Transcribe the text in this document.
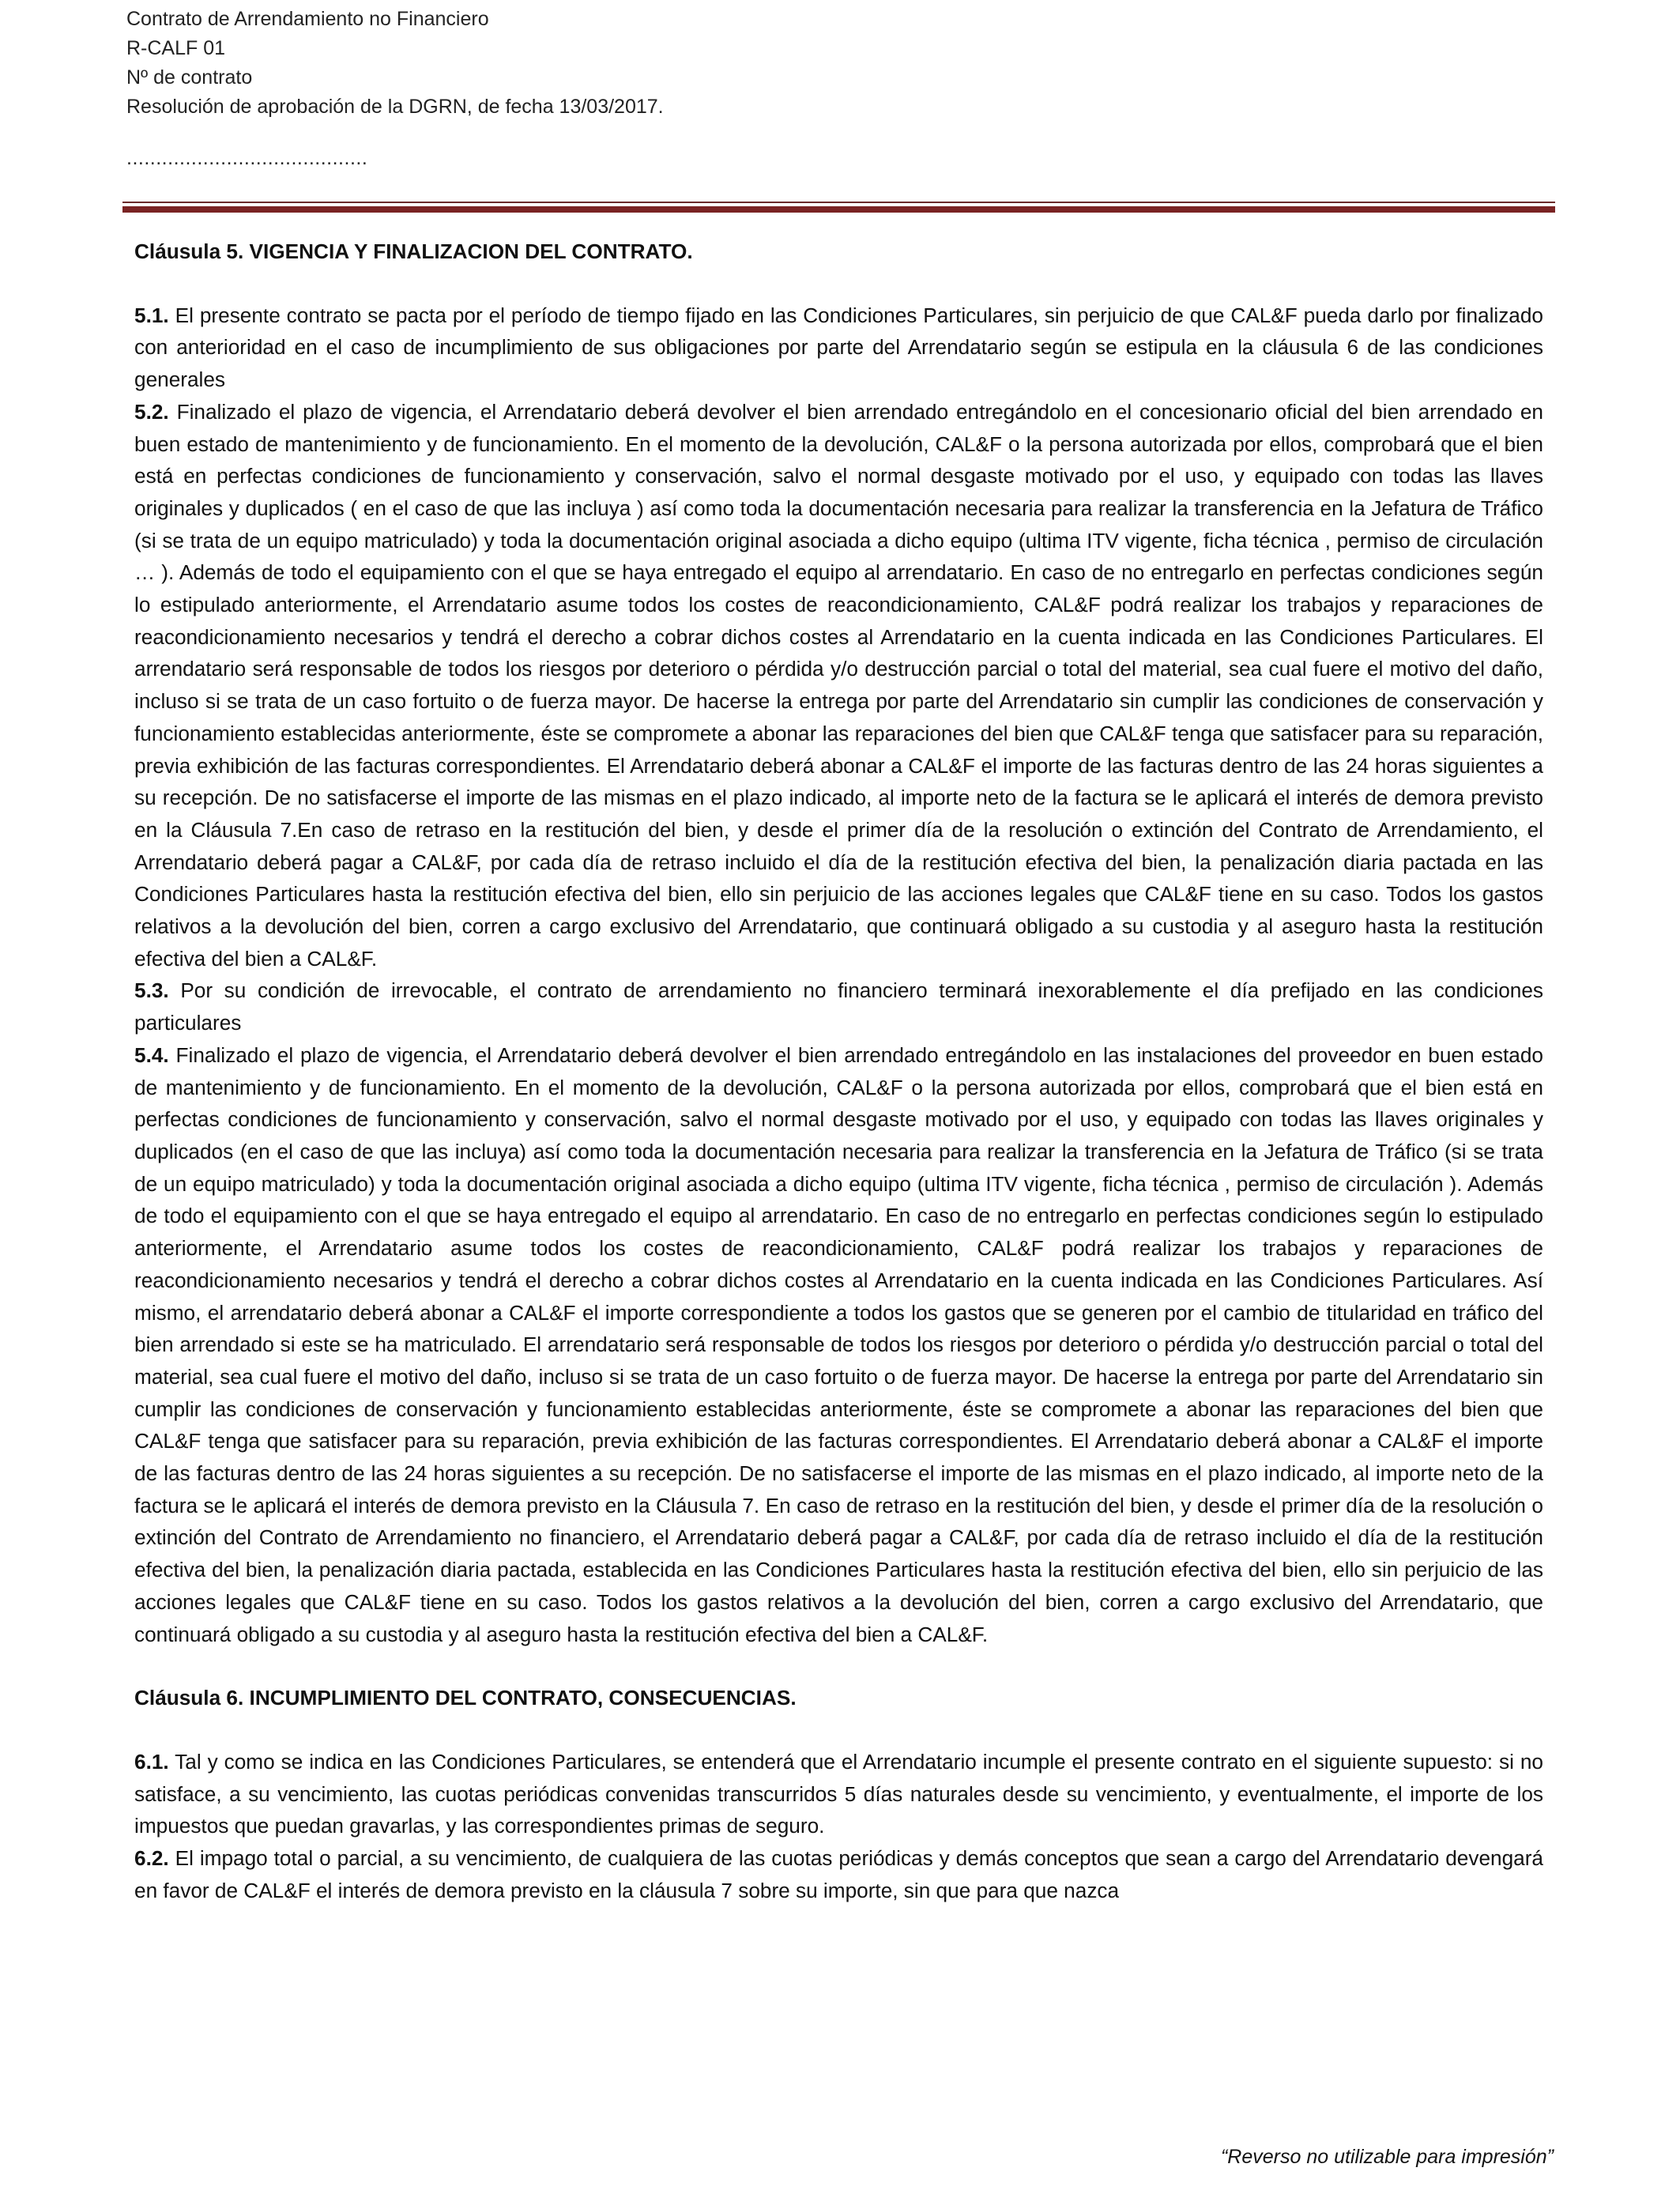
Contrato de Arrendamiento no Financiero
R-CALF 01
Nº de contrato
Resolución de aprobación de la DGRN, de fecha 13/03/2017.
.........................................

Cláusula 5. VIGENCIA Y FINALIZACION DEL CONTRATO.

5.1. El presente contrato se pacta por el período de tiempo fijado en las Condiciones Particulares, sin perjuicio de que CAL&F pueda darlo por finalizado con anterioridad en el caso de incumplimiento de sus obligaciones por parte del Arrendatario según se estipula en la cláusula 6 de las condiciones generales

5.2. Finalizado el plazo de vigencia, el Arrendatario deberá devolver el bien arrendado entregándolo en el concesionario oficial del bien arrendado en buen estado de mantenimiento y de funcionamiento. En el momento de la devolución, CAL&F o la persona autorizada por ellos, comprobará que el bien está en perfectas condiciones de funcionamiento y conservación, salvo el normal desgaste motivado por el uso, y equipado con todas las llaves originales y duplicados ( en el caso de que las incluya ) así como toda la documentación necesaria para realizar la transferencia en la Jefatura de Tráfico (si se trata de un equipo matriculado) y toda la documentación original asociada a dicho equipo (ultima ITV vigente, ficha técnica , permiso de circulación … ). Además de todo el equipamiento con el que se haya entregado el equipo al arrendatario. En caso de no entregarlo en perfectas condiciones según lo estipulado anteriormente, el Arrendatario asume todos los costes de reacondicionamiento, CAL&F podrá realizar los trabajos y reparaciones de reacondicionamiento necesarios y tendrá el derecho a cobrar dichos costes al Arrendatario en la cuenta indicada en las Condiciones Particulares. El arrendatario será responsable de todos los riesgos por deterioro o pérdida y/o destrucción parcial o total del material, sea cual fuere el motivo del daño, incluso si se trata de un caso fortuito o de fuerza mayor. De hacerse la entrega por parte del Arrendatario sin cumplir las condiciones de conservación y funcionamiento establecidas anteriormente, éste se compromete a abonar las reparaciones del bien que CAL&F tenga que satisfacer para su reparación, previa exhibición de las facturas correspondientes. El Arrendatario deberá abonar a CAL&F el importe de las facturas dentro de las 24 horas siguientes a su recepción. De no satisfacerse el importe de las mismas en el plazo indicado, al importe neto de la factura se le aplicará el interés de demora previsto en la Cláusula 7.En caso de retraso en la restitución del bien, y desde el primer día de la resolución o extinción del Contrato de Arrendamiento, el Arrendatario deberá pagar a CAL&F, por cada día de retraso incluido el día de la restitución efectiva del bien, la penalización diaria pactada en las Condiciones Particulares hasta la restitución efectiva del bien, ello sin perjuicio de las acciones legales que CAL&F tiene en su caso. Todos los gastos relativos a la devolución del bien, corren a cargo exclusivo del Arrendatario, que continuará obligado a su custodia y al aseguro hasta la restitución efectiva del bien a CAL&F.

5.3. Por su condición de irrevocable, el contrato de arrendamiento no financiero terminará inexorablemente el día prefijado en las condiciones particulares

5.4. Finalizado el plazo de vigencia, el Arrendatario deberá devolver el bien arrendado entregándolo en las instalaciones del proveedor en buen estado de mantenimiento y de funcionamiento. En el momento de la devolución, CAL&F o la persona autorizada por ellos, comprobará que el bien está en perfectas condiciones de funcionamiento y conservación, salvo el normal desgaste motivado por el uso, y equipado con todas las llaves originales y duplicados (en el caso de que las incluya) así como toda la documentación necesaria para realizar la transferencia en la Jefatura de Tráfico (si se trata de un equipo matriculado) y toda la documentación original asociada a dicho equipo (ultima ITV vigente, ficha técnica , permiso de circulación ). Además de todo el equipamiento con el que se haya entregado el equipo al arrendatario. En caso de no entregarlo en perfectas condiciones según lo estipulado anteriormente, el Arrendatario asume todos los costes de reacondicionamiento, CAL&F podrá realizar los trabajos y reparaciones de reacondicionamiento necesarios y tendrá el derecho a cobrar dichos costes al Arrendatario en la cuenta indicada en las Condiciones Particulares. Así mismo, el arrendatario deberá abonar a CAL&F el importe correspondiente a todos los gastos que se generen por el cambio de titularidad en tráfico del bien arrendado si este se ha matriculado. El arrendatario será responsable de todos los riesgos por deterioro o pérdida y/o destrucción parcial o total del material, sea cual fuere el motivo del daño, incluso si se trata de un caso fortuito o de fuerza mayor. De hacerse la entrega por parte del Arrendatario sin cumplir las condiciones de conservación y funcionamiento establecidas anteriormente, éste se compromete a abonar las reparaciones del bien que CAL&F tenga que satisfacer para su reparación, previa exhibición de las facturas correspondientes. El Arrendatario deberá abonar a CAL&F el importe de las facturas dentro de las 24 horas siguientes a su recepción. De no satisfacerse el importe de las mismas en el plazo indicado, al importe neto de la factura se le aplicará el interés de demora previsto en la Cláusula 7. En caso de retraso en la restitución del bien, y desde el primer día de la resolución o extinción del Contrato de Arrendamiento no financiero, el Arrendatario deberá pagar a CAL&F, por cada día de retraso incluido el día de la restitución efectiva del bien, la penalización diaria pactada, establecida en las Condiciones Particulares hasta la restitución efectiva del bien, ello sin perjuicio de las acciones legales que CAL&F tiene en su caso. Todos los gastos relativos a la devolución del bien, corren a cargo exclusivo del Arrendatario, que continuará obligado a su custodia y al aseguro hasta la restitución efectiva del bien a CAL&F.

Cláusula 6. INCUMPLIMIENTO DEL CONTRATO, CONSECUENCIAS.

6.1. Tal y como se indica en las Condiciones Particulares, se entenderá que el Arrendatario incumple el presente contrato en el siguiente supuesto: si no satisface, a su vencimiento, las cuotas periódicas convenidas transcurridos 5 días naturales desde su vencimiento, y eventualmente, el importe de los impuestos que puedan gravarlas, y las correspondientes primas de seguro.

6.2. El impago total o parcial, a su vencimiento, de cualquiera de las cuotas periódicas y demás conceptos que sean a cargo del Arrendatario devengará en favor de CAL&F el interés de demora previsto en la cláusula 7 sobre su importe, sin que para que nazca

“Reverso no utilizable para impresión”
